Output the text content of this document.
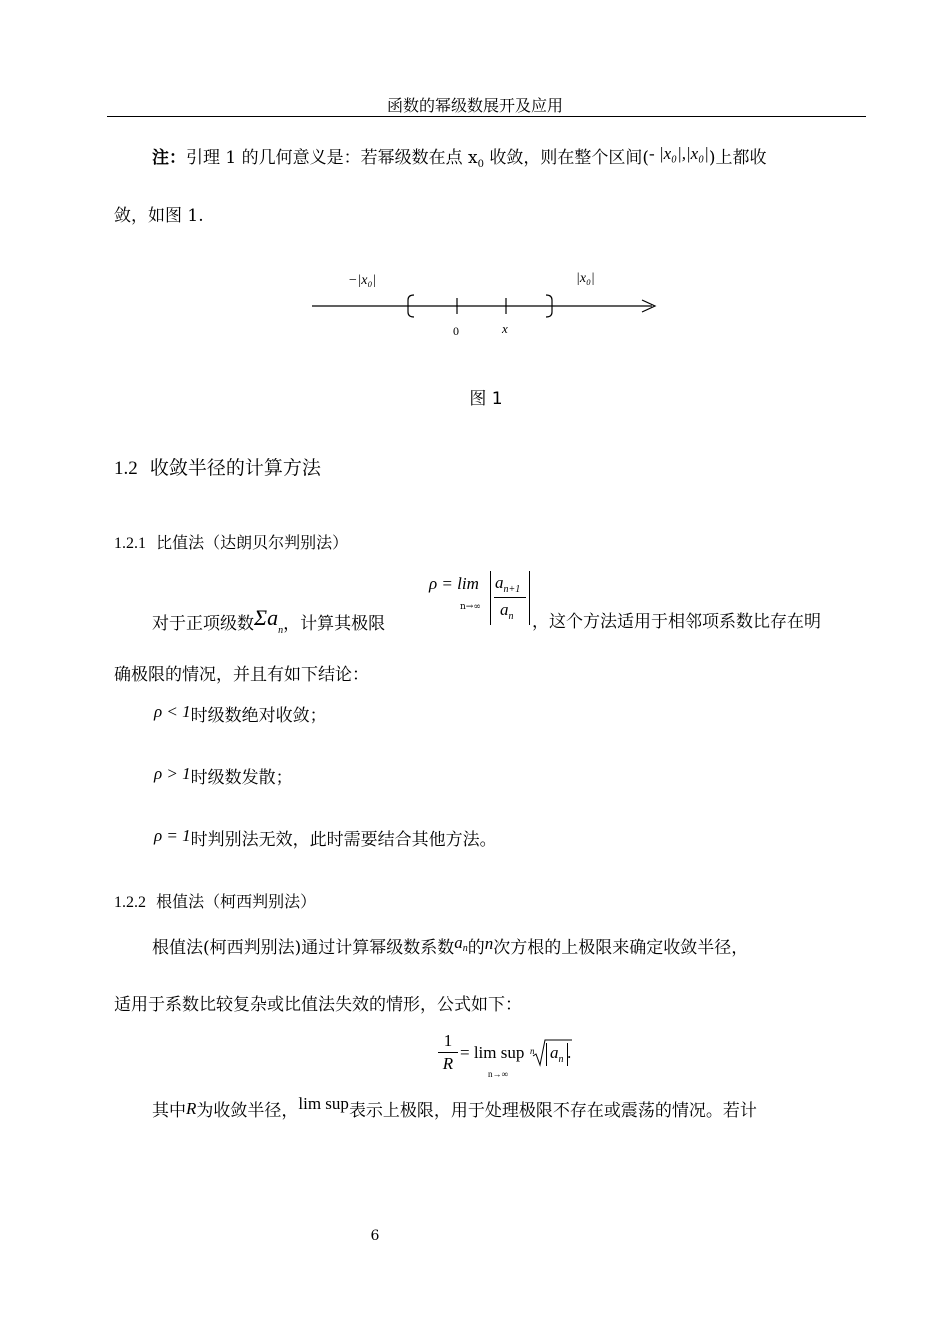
函数的幂级数展开及应用
注：引理 1 的几何意义是：若幂级数在点 $x_0$ 收敛，则在整个区间(- |x₀|,|x₀|)上都收
敛，如图 1.
−|x₀|	|x₀|
0	x
图 1
1.2 收敛半径的计算方法
1.2.1 比值法（达朗贝尔判别法）
ρ = lim
n→∞
$a_{n+1}$
$a_n$
对于正项级数$\Sigma a_n$，计算其极限	，这个方法适用于相邻项系数比存在明
确极限的情况，并且有如下结论：
ρ < 1时级数绝对收敛；
ρ > 1时级数发散；
ρ = 1时判别法无效，此时需要结合其他方法。
1.2.2 根值法（柯西判别法）
根值法(柯西判别法)通过计算幂级数系数an的n次方根的上极限来确定收敛半径，
适用于系数比较复杂或比值法失效的情形，公式如下：
1
R
= lim sup
n→∞
n $a_n$ .
其中R为收敛半径，lim sup表示上极限，用于处理极限不存在或震荡的情况。若计
6
